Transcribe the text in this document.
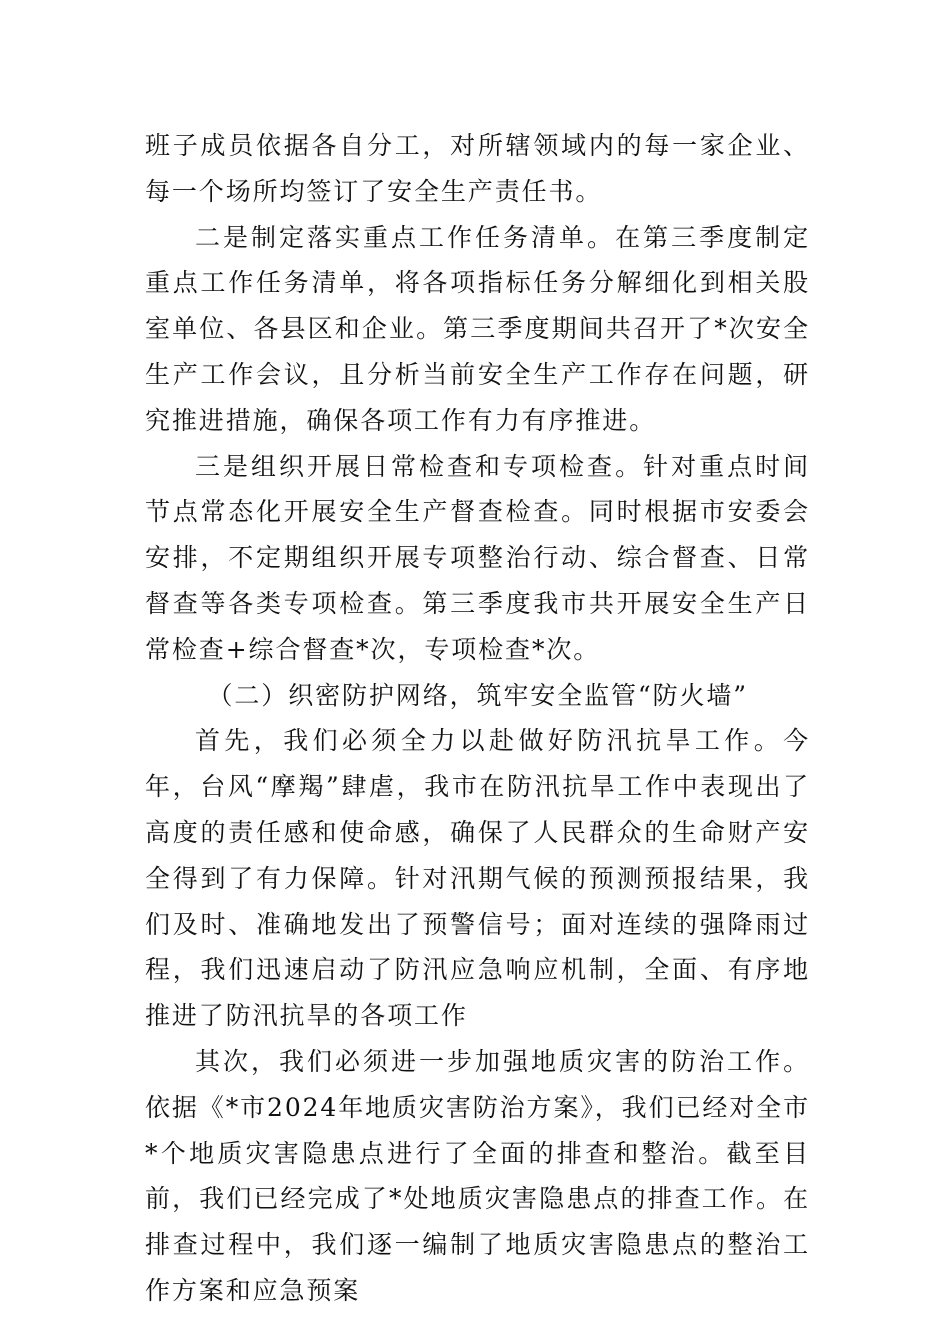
班子成员依据各自分工，对所辖领域内的每一家企业、每一个场所均签订了安全生产责任书。

二是制定落实重点工作任务清单。在第三季度制定重点工作任务清单，将各项指标任务分解细化到相关股室单位、各县区和企业。第三季度期间共召开了*次安全生产工作会议，且分析当前安全生产工作存在问题，研究推进措施，确保各项工作有力有序推进。

三是组织开展日常检查和专项检查。针对重点时间节点常态化开展安全生产督查检查。同时根据市安委会安排，不定期组织开展专项整治行动、综合督查、日常督查等各类专项检查。第三季度我市共开展安全生产日常检查+综合督查*次，专项检查*次。

（二）织密防护网络，筑牢安全监管“防火墙”

首先，我们必须全力以赴做好防汛抗旱工作。今年，台风“摩羯”肆虐，我市在防汛抗旱工作中表现出了高度的责任感和使命感，确保了人民群众的生命财产安全得到了有力保障。针对汛期气候的预测预报结果，我们及时、准确地发出了预警信号；面对连续的强降雨过程，我们迅速启动了防汛应急响应机制，全面、有序地推进了防汛抗旱的各项工作

其次，我们必须进一步加强地质灾害的防治工作。依据《*市2024年地质灾害防治方案》，我们已经对全市*个地质灾害隐患点进行了全面的排查和整治。截至目前，我们已经完成了*处地质灾害隐患点的排查工作。在排查过程中，我们逐一编制了地质灾害隐患点的整治工作方案和应急预案
